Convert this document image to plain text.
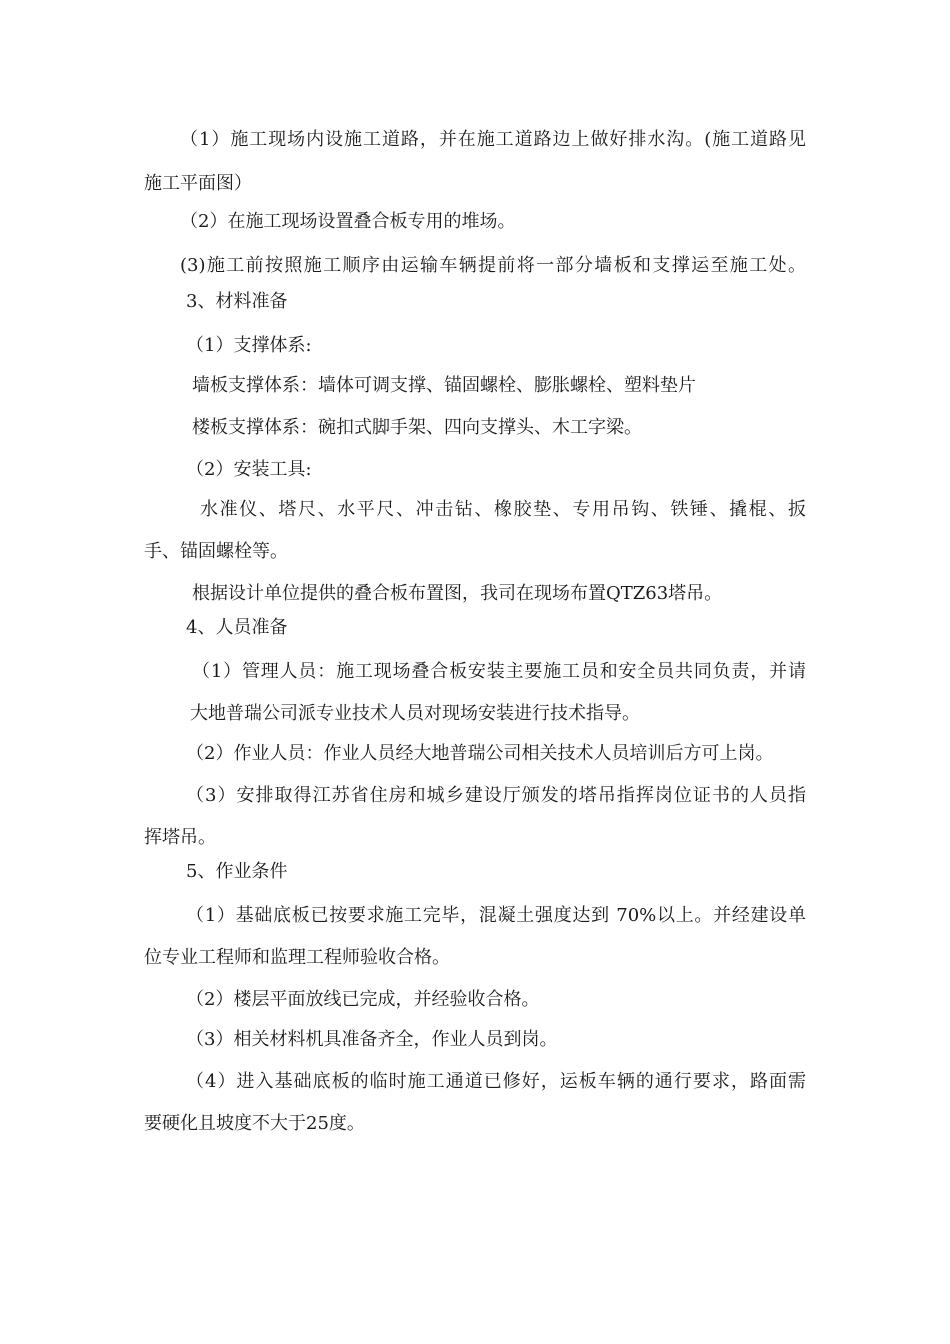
（1）施工现场内设施工道路，并在施工道路边上做好排水沟。(施工道路见
施工平面图）
（2）在施工现场设置叠合板专用的堆场。
(3)施工前按照施工顺序由运输车辆提前将一部分墙板和支撑运至施工处。
3、材料准备
（1）支撑体系:
墙板支撑体系：墙体可调支撑、锚固螺栓、膨胀螺栓、塑料垫片
楼板支撑体系：碗扣式脚手架、四向支撑头、木工字梁。
（2）安装工具:
水准仪、塔尺、水平尺、冲击钻、橡胶垫、专用吊钩、铁锤、撬棍、扳
手、锚固螺栓等。
根据设计单位提供的叠合板布置图，我司在现场布置QTZ63塔吊。
4、人员准备
（1）管理人员：施工现场叠合板安装主要施工员和安全员共同负责，并请
大地普瑞公司派专业技术人员对现场安装进行技术指导。
（2）作业人员：作业人员经大地普瑞公司相关技术人员培训后方可上岗。
（3）安排取得江苏省住房和城乡建设厅颁发的塔吊指挥岗位证书的人员指
挥塔吊。
5、作业条件
（1）基础底板已按要求施工完毕，混凝土强度达到 70%以上。并经建设单
位专业工程师和监理工程师验收合格。
（2）楼层平面放线已完成，并经验收合格。
（3）相关材料机具准备齐全，作业人员到岗。
（4）进入基础底板的临时施工通道已修好，运板车辆的通行要求，路面需
要硬化且坡度不大于25度。
